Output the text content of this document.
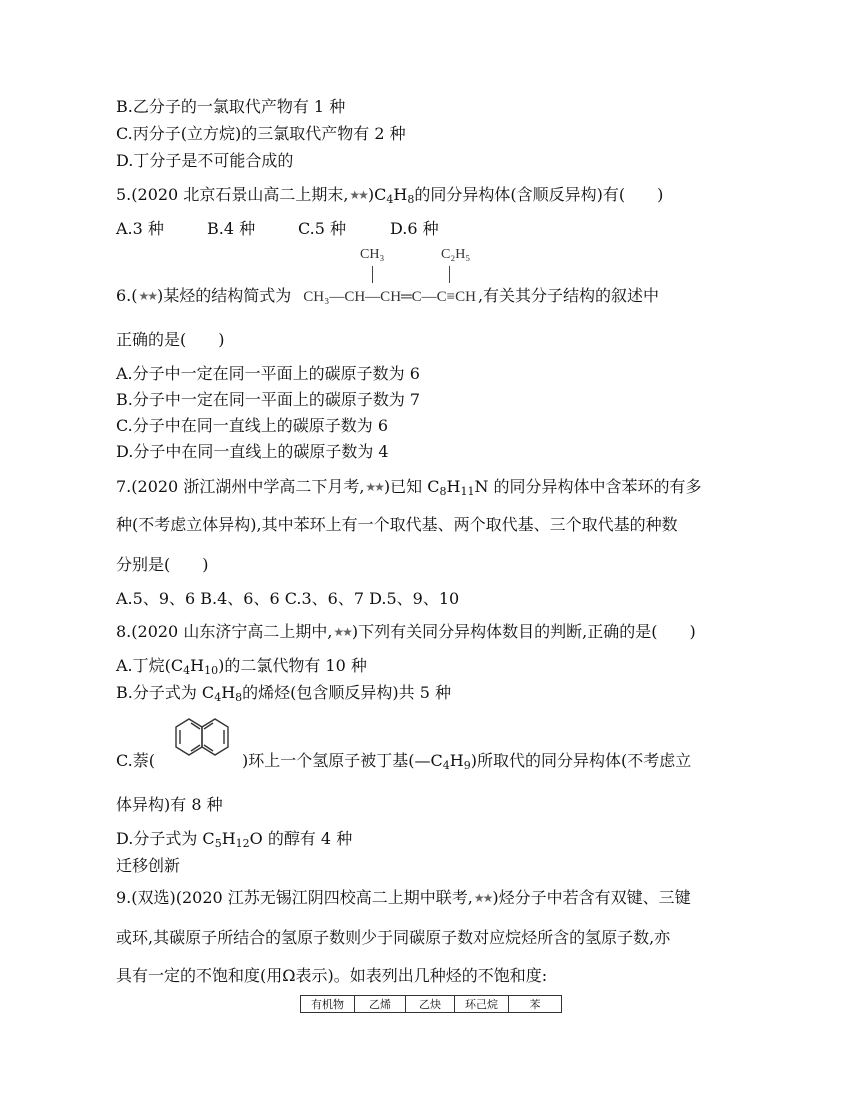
B.乙分子的一氯取代产物有 1 种
C.丙分子(立方烷)的三氯取代产物有 2 种
D.丁分子是不可能合成的
5.(2020 北京石景山高二上期末$,★★)C_4H_8$的同分异构体(含顺反异构)有(　　)
A.3 种	B.4 种	C.5 种	D.6 种
CH₃	C₂H₅
6.(★★)某烃的结构简式为 CH₃—CH—CH═C—C≡CH ,有关其分子结构的叙述中
正确的是(　　)
A.分子中一定在同一平面上的碳原子数为 6
B.分子中一定在同一平面上的碳原子数为 7
C.分子中在同一直线上的碳原子数为 6
D.分子中在同一直线上的碳原子数为 4
7.(2020 浙江湖州中学高二下月考,★★)已知 $C_8H_{11}N$ 的同分异构体中含苯环的有多
种(不考虑立体异构),其中苯环上有一个取代基、两个取代基、三个取代基的种数
分别是(　　)
A.5、9、6 B.4、6、6 C.3、6、7 D.5、9、10
8.(2020 山东济宁高二上期中,★★)下列有关同分异构体数目的判断,正确的是(　　)
A.丁烷$(C_4H_{10})$的二氯代物有 10 种
B.分子式为 $C_4H_8$的烯烃(包含顺反异构)共 5 种
C.萘(	)环上一个氢原子被丁基$(—C_4H_9)$所取代的同分异构体(不考虑立
体异构)有 8 种
D.分子式为 $C_5H_{12}O$ 的醇有 4 种
迁移创新
9.(双选)(2020 江苏无锡江阴四校高二上期中联考,★★)烃分子中若含有双键、三键
或环,其碳原子所结合的氢原子数则少于同碳原子数对应烷烃所含的氢原子数,亦
具有一定的不饱和度(用Ω表示)。如表列出几种烃的不饱和度:
有机物	乙烯	乙炔	环己烷	苯
